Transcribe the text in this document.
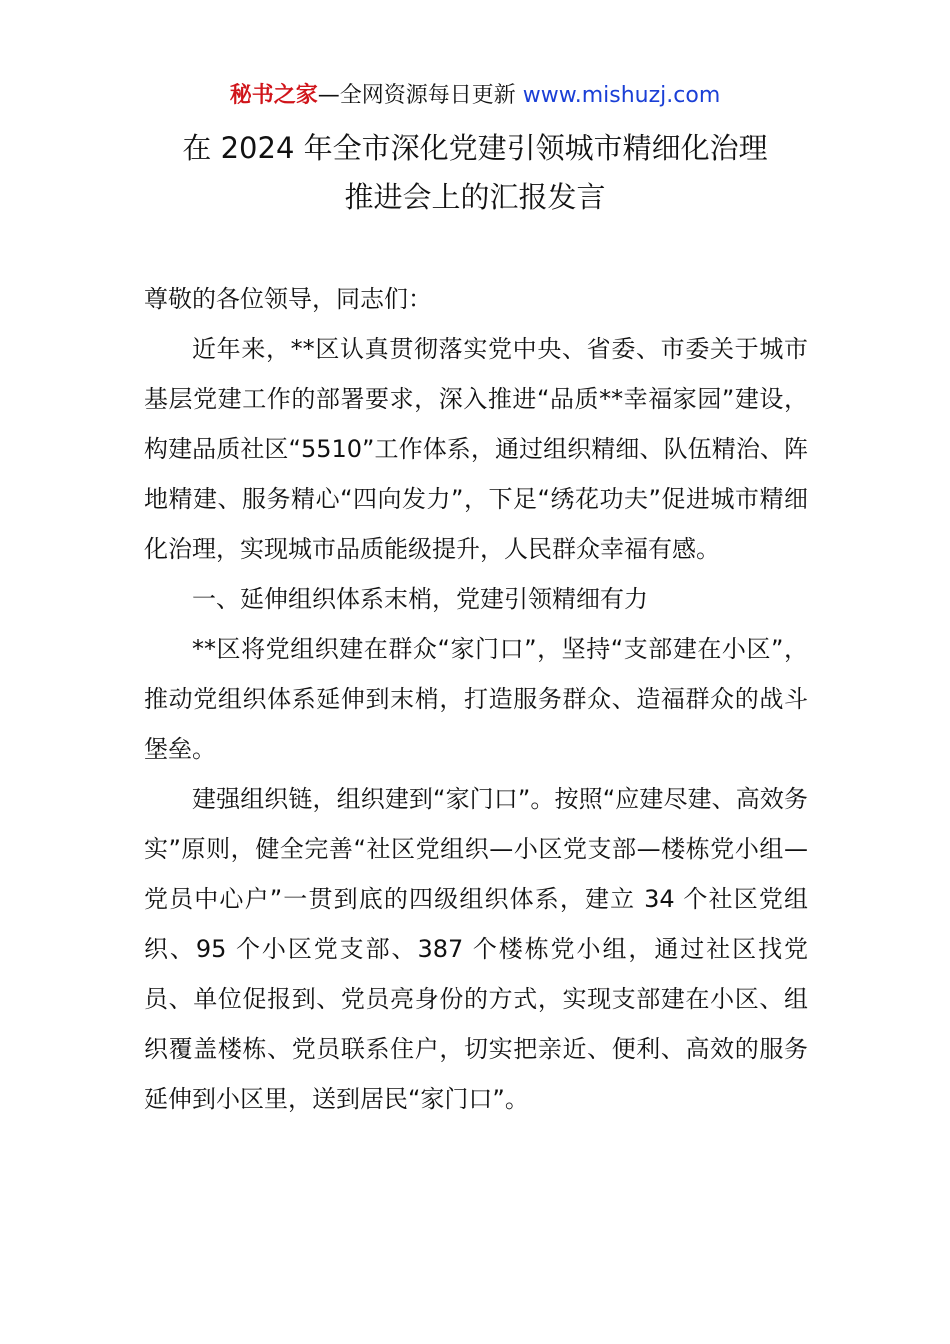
秘书之家—全网资源每日更新 www.mishuzj.com
在 2024 年全市深化党建引领城市精细化治理
推进会上的汇报发言

尊敬的各位领导，同志们：

近年来，**区认真贯彻落实党中央、省委、市委关于城市基层党建工作的部署要求，深入推进“品质**幸福家园”建设，构建品质社区“5510”工作体系，通过组织精细、队伍精治、阵地精建、服务精心“四向发力”，下足“绣花功夫”促进城市精细化治理，实现城市品质能级提升，人民群众幸福有感。

一、延伸组织体系末梢，党建引领精细有力

**区将党组织建在群众“家门口”，坚持“支部建在小区”，推动党组织体系延伸到末梢，打造服务群众、造福群众的战斗堡垒。

建强组织链，组织建到“家门口”。按照“应建尽建、高效务实”原则，健全完善“社区党组织—小区党支部—楼栋党小组—党员中心户”一贯到底的四级组织体系，建立 34 个社区党组织、95 个小区党支部、387 个楼栋党小组，通过社区找党员、单位促报到、党员亮身份的方式，实现支部建在小区、组织覆盖楼栋、党员联系住户，切实把亲近、便利、高效的服务延伸到小区里，送到居民“家门口”。
